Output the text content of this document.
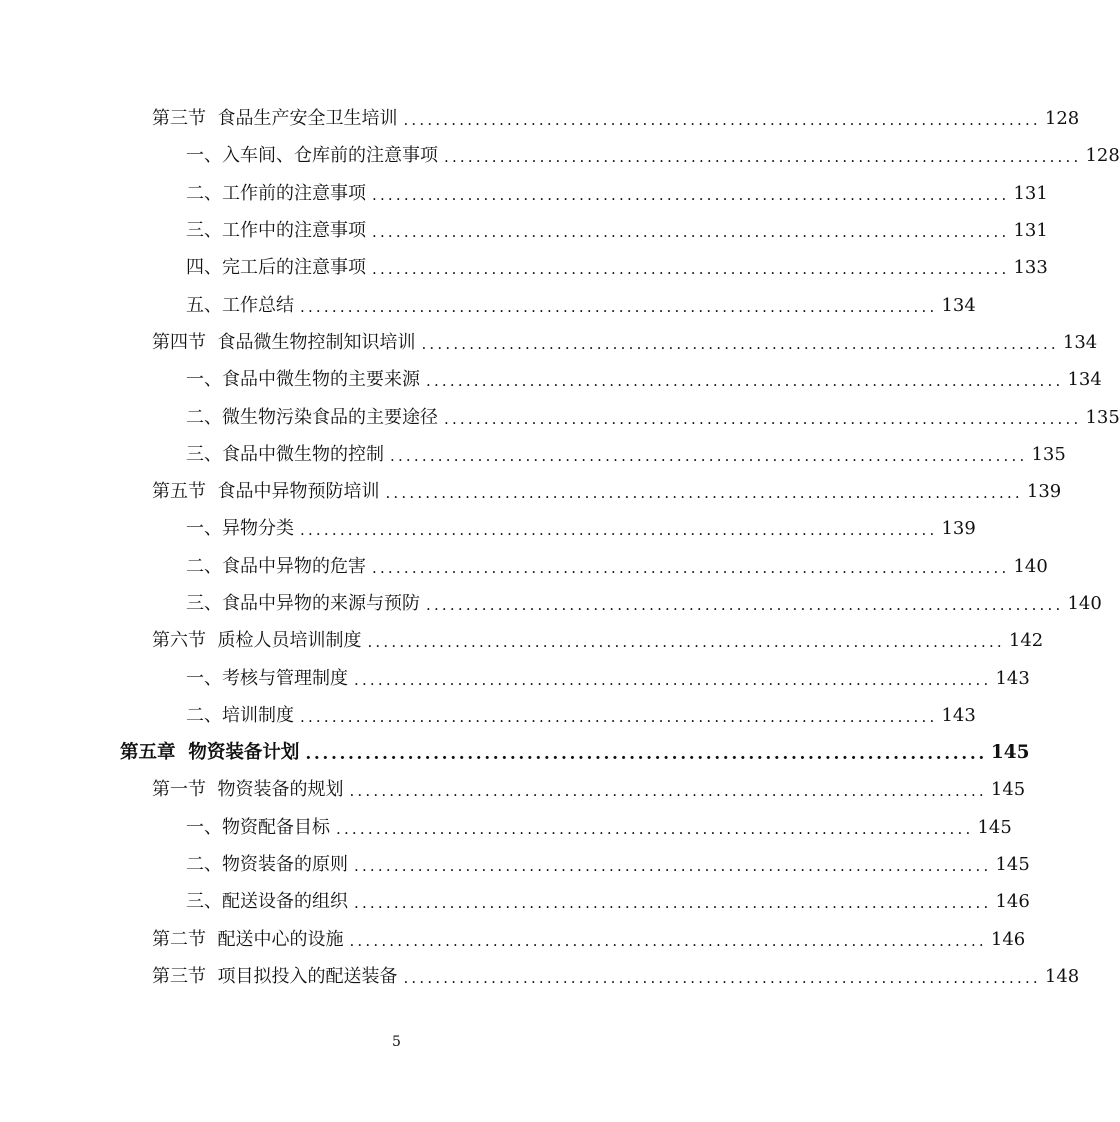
第三节  食品生产安全卫生培训 ................................................................................ 128
一、入车间、仓库前的注意事项 ................................................................................ 128
二、工作前的注意事项 ................................................................................ 131
三、工作中的注意事项 ................................................................................ 131
四、完工后的注意事项 ................................................................................ 133
五、工作总结 ................................................................................ 134
第四节  食品微生物控制知识培训 ................................................................................ 134
一、食品中微生物的主要来源 ................................................................................ 134
二、微生物污染食品的主要途径 ................................................................................ 135
三、食品中微生物的控制 ................................................................................ 135
第五节  食品中异物预防培训 ................................................................................ 139
一、异物分类 ................................................................................ 139
二、食品中异物的危害 ................................................................................ 140
三、食品中异物的来源与预防 ................................................................................ 140
第六节  质检人员培训制度 ................................................................................ 142
一、考核与管理制度 ................................................................................ 143
二、培训制度 ................................................................................ 143
第五章  物资装备计划 ................................................................................ 145
第一节  物资装备的规划 ................................................................................ 145
一、物资配备目标 ................................................................................ 145
二、物资装备的原则 ................................................................................ 145
三、配送设备的组织 ................................................................................ 146
第二节  配送中心的设施 ................................................................................ 146
第三节  项目拟投入的配送装备 ................................................................................ 148
5
